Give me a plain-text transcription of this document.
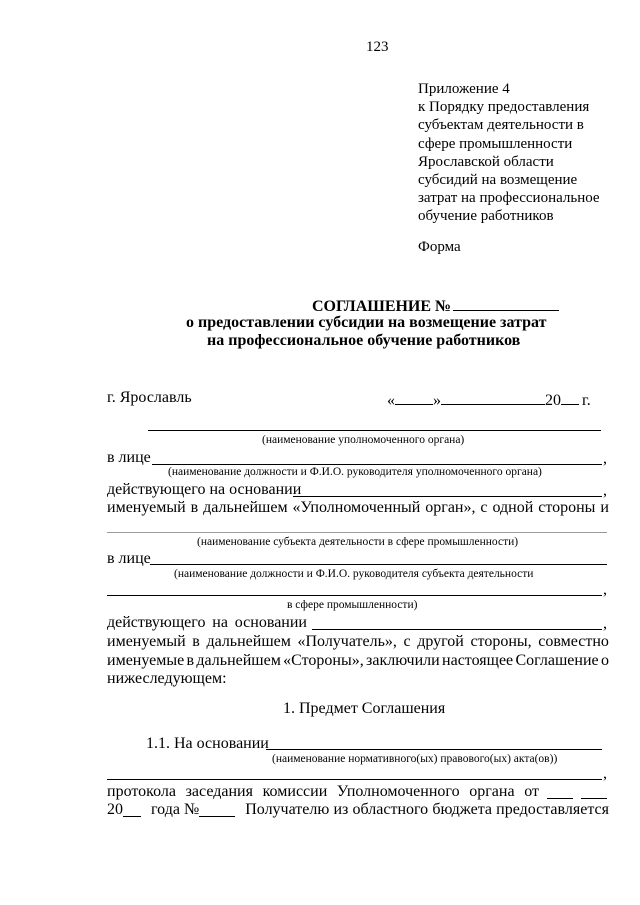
123
Приложение 4
к Порядку предоставления
субъектам деятельности в
сфере промышленности
Ярославской области
субсидий на возмещение
затрат на профессиональное
обучение работников
Форма
СОГЛАШЕНИЕ №
о предоставлении субсидии на возмещение затрат
на профессиональное обучение работников
г. Ярославль	« »	20 г.
(наименование уполномоченного органа)
в лице	,
(наименование должности и Ф.И.О. руководителя уполномоченного органа)
действующего на основании	,
именуемый в дальнейшем «Уполномоченный орган», с одной стороны и
(наименование субъекта деятельности в сфере промышленности)
в лице
(наименование должности и Ф.И.О. руководителя субъекта деятельности
,
в сфере промышленности)
действующего на основании	,
именуемый в дальнейшем «Получатель», с другой стороны, совместно
именуемые в дальнейшем «Стороны», заключили настоящее Соглашение о
нижеследующем:
1. Предмет Соглашения
1.1. На основании
(наименование нормативного(ых) правового(ых) акта(ов))
,
протокола заседания комиссии Уполномоченного органа от
20 года №	Получателю из областного бюджета предоставляется
